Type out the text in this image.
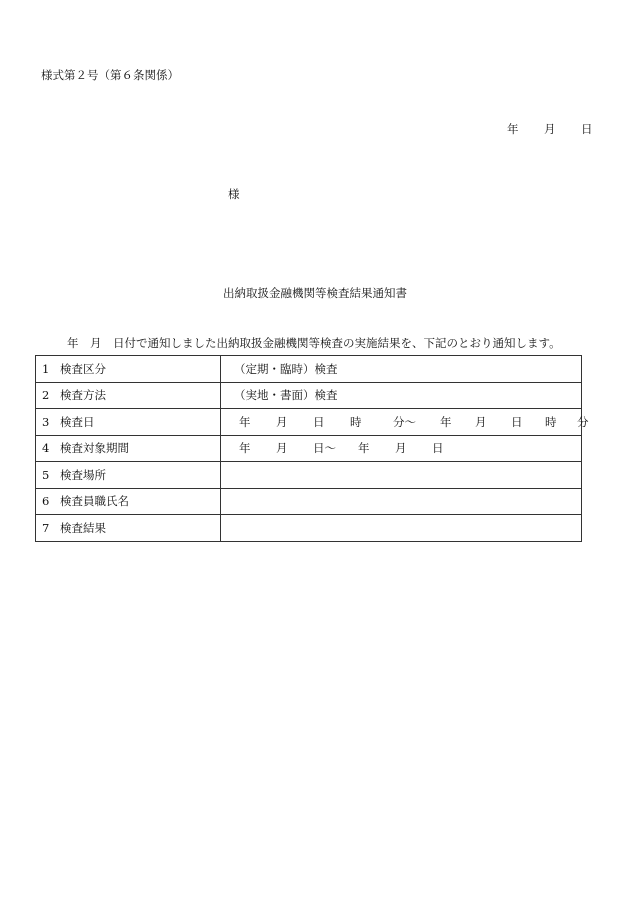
様式第２号（第６条関係）
年 月 日
様
出納取扱金融機関等検査結果通知書
年　月　日付で通知しました出納取扱金融機関等検査の実施結果を、下記のとおり通知します。
1 検査区分	（定期・臨時）検査
2 検査方法	（実地・書面）検査
3 検査日	年 月 日 時 分～ 年 月 日 時 分
4 検査対象期間	年 月 日～ 年 月 日
5 検査場所	
6 検査員職氏名	
7 検査結果	
